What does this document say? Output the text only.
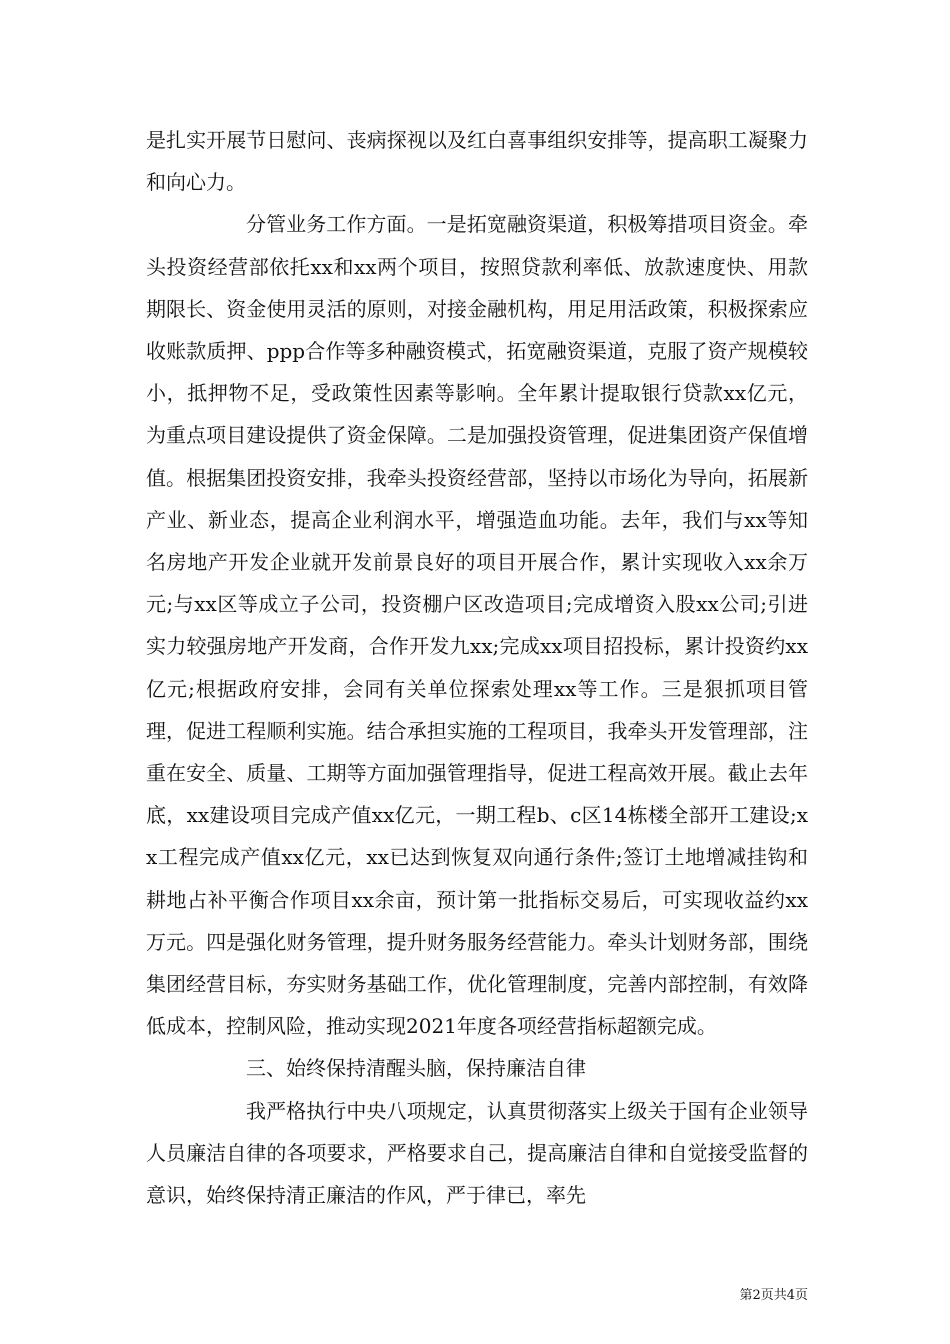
是扎实开展节日慰问、丧病探视以及红白喜事组织安排等，提高职工凝聚力和向心力。

分管业务工作方面。一是拓宽融资渠道，积极筹措项目资金。牵头投资经营部依托xx和xx两个项目，按照贷款利率低、放款速度快、用款期限长、资金使用灵活的原则，对接金融机构，用足用活政策，积极探索应收账款质押、ppp合作等多种融资模式，拓宽融资渠道，克服了资产规模较小，抵押物不足，受政策性因素等影响。全年累计提取银行贷款xx亿元，为重点项目建设提供了资金保障。二是加强投资管理，促进集团资产保值增值。根据集团投资安排，我牵头投资经营部，坚持以市场化为导向，拓展新产业、新业态，提高企业利润水平，增强造血功能。去年，我们与xx等知名房地产开发企业就开发前景良好的项目开展合作，累计实现收入xx余万元;与xx区等成立子公司，投资棚户区改造项目;完成增资入股xx公司;引进实力较强房地产开发商，合作开发九xx;完成xx项目招投标，累计投资约xx亿元;根据政府安排，会同有关单位探索处理xx等工作。三是狠抓项目管理，促进工程顺利实施。结合承担实施的工程项目，我牵头开发管理部，注重在安全、质量、工期等方面加强管理指导，促进工程高效开展。截止去年底，xx建设项目完成产值xx亿元，一期工程b、c区14栋楼全部开工建设;xx工程完成产值xx亿元，xx已达到恢复双向通行条件;签订土地增减挂钩和耕地占补平衡合作项目xx余亩，预计第一批指标交易后，可实现收益约xx万元。四是强化财务管理，提升财务服务经营能力。牵头计划财务部，围绕集团经营目标，夯实财务基础工作，优化管理制度，完善内部控制，有效降低成本，控制风险，推动实现2021年度各项经营指标超额完成。

三、始终保持清醒头脑，保持廉洁自律

我严格执行中央八项规定，认真贯彻落实上级关于国有企业领导人员廉洁自律的各项要求，严格要求自己，提高廉洁自律和自觉接受监督的意识，始终保持清正廉洁的作风，严于律已，率先

第2页共4页
